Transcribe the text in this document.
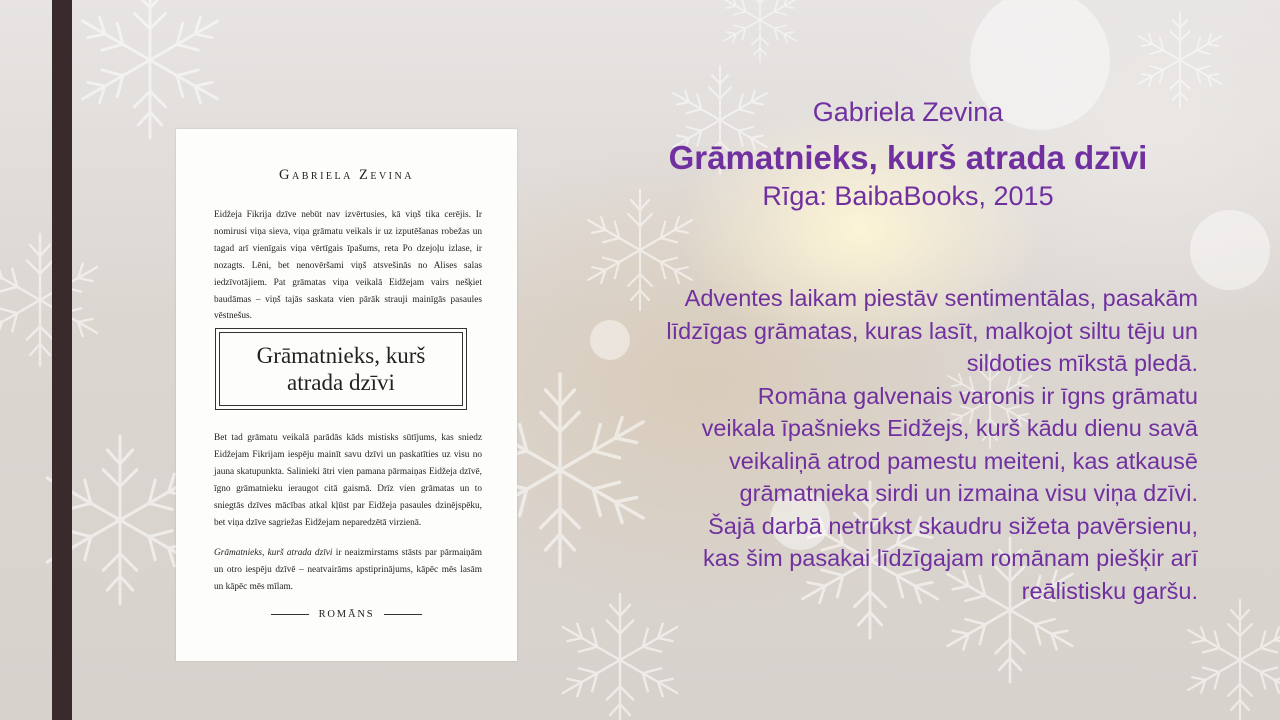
Gabriela Zevina

Eidžeja Fikrija dzīve nebūt nav izvērtusies, kā viņš tika cerējis. Ir nomirusi viņa sieva, viņa grāmatu veikals ir uz izputēšanas robežas un tagad arī vienīgais viņa vērtīgais īpašums, reta Po dzejoļu izlase, ir nozagts. Lēni, bet nenovēršami viņš atsvešinās no Alises salas iedzīvotājiem. Pat grāmatas viņa veikalā Eidžejam vairs nešķiet baudāmas – viņš tajās saskata vien pārāk strauji mainīgās pasaules vēstnešus.

Grāmatnieks, kurš
atrada dzīvi

Bet tad grāmatu veikalā parādās kāds mistisks sūtījums, kas sniedz Eidžejam Fikrijam iespēju mainīt savu dzīvi un paskatīties uz visu no jauna skatupunkta. Salinieki ātri vien pamana pārmaiņas Eidžeja dzīvē, īgno grāmatnieku ieraugot citā gaismā. Drīz vien grāmatas un to sniegtās dzīves mācības atkal kļūst par Eidžeja pasaules dzinējspēku, bet viņa dzīve sagriežas Eidžejam neparedzētā virzienā.

Grāmatnieks, kurš atrada dzīvi ir neaizmirstams stāsts par pārmaiņām un otro iespēju dzīvē – neatvairāms apstiprinājums, kāpēc mēs lasām un kāpēc mēs mīlam.

ROMĀNS
Gabriela Zevina
Grāmatnieks, kurš atrada dzīvi
Rīga: BaibaBooks, 2015
Adventes laikam piestāv sentimentālas, pasakām
līdzīgas grāmatas, kuras lasīt, malkojot siltu tēju un
sildoties mīkstā pledā.
Romāna galvenais varonis ir īgns grāmatu
veikala īpašnieks Eidžejs, kurš kādu dienu savā
veikaliņā atrod pamestu meiteni, kas atkausē
grāmatnieka sirdi un izmaina visu viņa dzīvi.
Šajā darbā netrūkst skaudru sižeta pavērsienu,
kas šim pasakai līdzīgajam romānam piešķir arī
reālistisku garšu.
